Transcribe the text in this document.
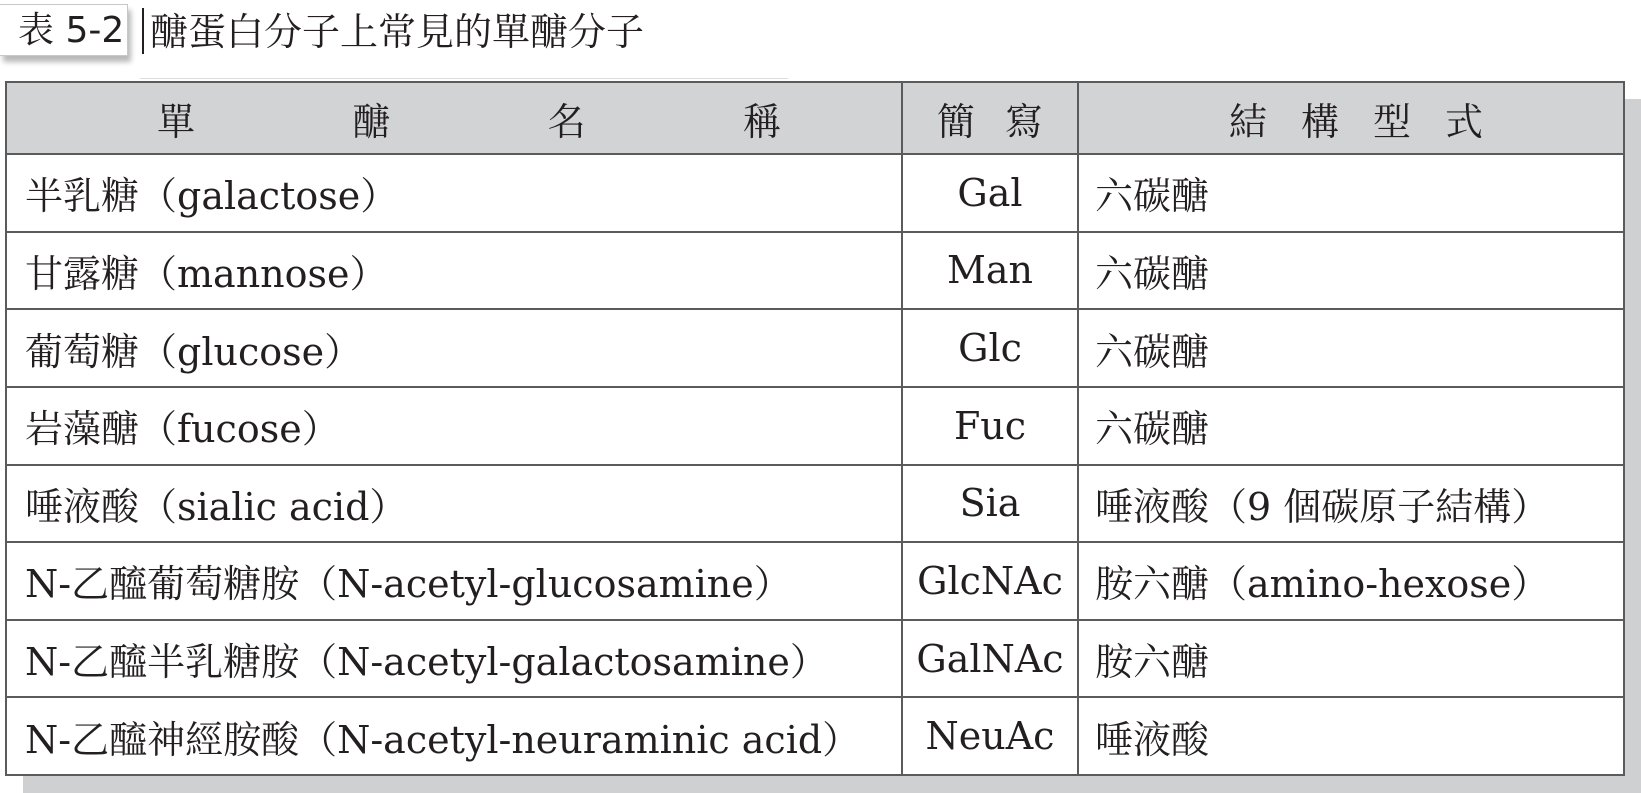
表 5-2 醣蛋白分子上常見的單醣分子
單 醣 名 稱	簡 寫	結 構 型 式

半乳糖（galactose）	Gal	六碳醣
甘露糖（mannose）	Man	六碳醣
葡萄糖（glucose）	Glc	六碳醣
岩藻醣（fucose）	Fuc	六碳醣
唾液酸（sialic acid）	Sia	唾液酸（9 個碳原子結構）
N-乙醯葡萄糖胺（N-acetyl-glucosamine）	GlcNAc	胺六醣（amino-hexose）
N-乙醯半乳糖胺（N-acetyl-galactosamine）	GalNAc	胺六醣
N-乙醯神經胺酸（N-acetyl-neuraminic acid）	NeuAc	唾液酸
